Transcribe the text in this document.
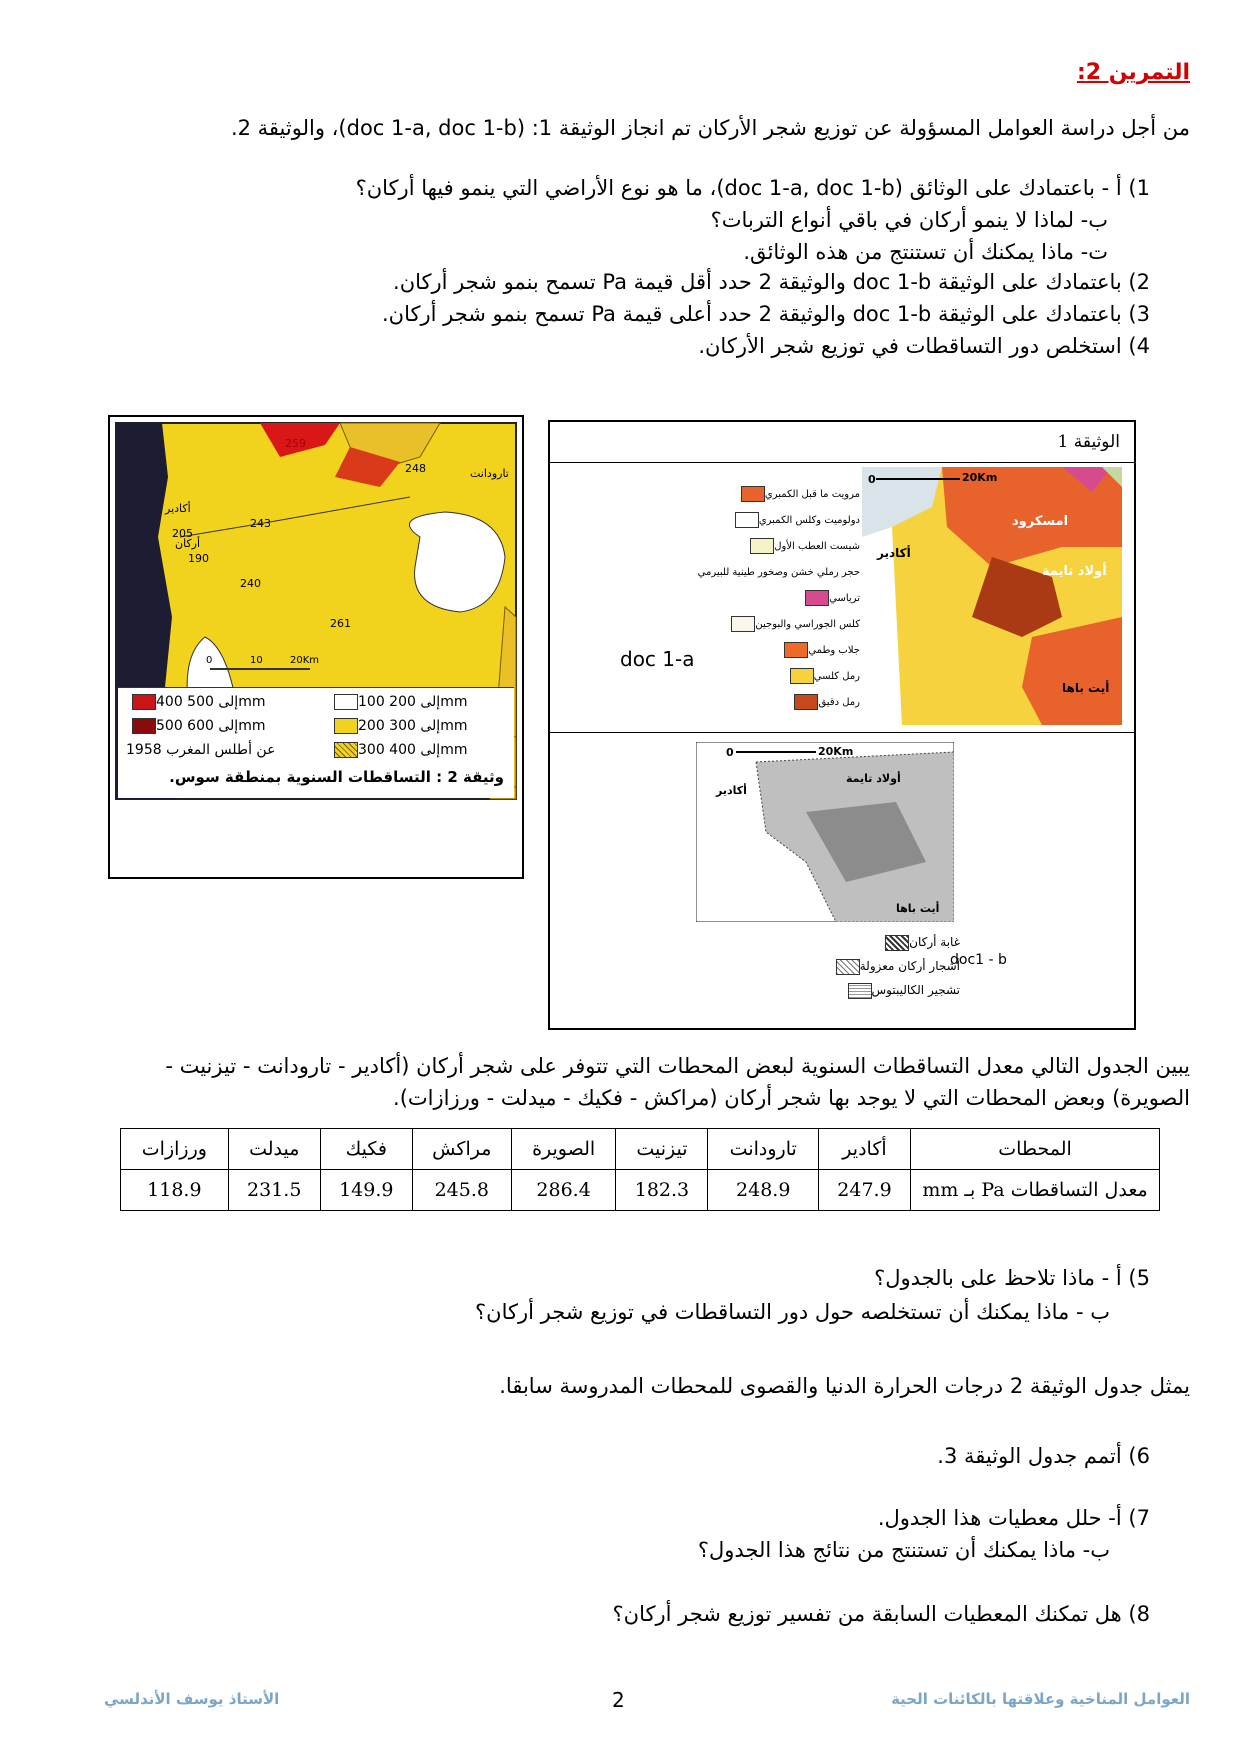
التمرين 2:
من أجل دراسة العوامل المسؤولة عن توزيع شجر الأركان تم انجاز الوثيقة 1: (doc 1-a, doc 1-b)، والوثيقة 2.
1) أ - باعتمادك على الوثائق (doc 1-a, doc 1-b)، ما هو نوع الأراضي التي ينمو فيها أركان؟
ب- لماذا لا ينمو أركان في باقي أنواع التربات؟
ت- ماذا يمكنك أن تستنتج من هذه الوثائق.
2) باعتمادك على الوثيقة doc 1-b والوثيقة 2 حدد أقل قيمة Pa تسمح بنمو شجر أركان.
3) باعتمادك على الوثيقة doc 1-b والوثيقة 2 حدد أعلى قيمة Pa تسمح بنمو شجر أركان.
4) استخلص دور التساقطات في توزيع شجر الأركان.
تارودانت
أكادير
أركان
259
248
243
205
190
240
261
0	10	20Km
400 إلى 500mm
500 إلى 600mm
عن أطلس المغرب 1958
100 إلى 200mm
200 إلى 300mm
300 إلى 400mm
وثيقة 2 : التساقطات السنوية بمنطقة سوس.
الوثيقة 1
مرويت ما قبل الكمبري
دولوميت وكلس الكمبري
شيست العطب الأول
حجر رملي خشن وصخور طينية للبيرمي ترياسي
كلس الجوراسي والبوجين
جلاب وطمي
رمل كلسي
رمل دقيق
doc 1-a
0	20Km
امسكرود
أولاد تايمة
أكادير
أيت باها
0	20Km
أولاد تايمة
أكادير
أيت باها
غابة أركان
أشجار أركان معزولة
تشجير الكاليبتوس
doc1 - b
يبين الجدول التالي معدل التساقطات السنوية لبعض المحطات التي تتوفر على شجر أركان (أكادير - تارودانت - تيزنيت -
الصويرة) وبعض المحطات التي لا يوجد بها شجر أركان (مراكش - فكيك - ميدلت - ورزازات).
المحطات	أكادير	تارودانت	تيزنيت	الصويرة	مراكش	فكيك	ميدلت	ورزازات
معدل التساقطات Pa بـ mm	247.9	248.9	182.3	286.4	245.8	149.9	231.5	118.9
5) أ - ماذا تلاحظ على بالجدول؟
ب - ماذا يمكنك أن تستخلصه حول دور التساقطات في توزيع شجر أركان؟
يمثل جدول الوثيقة 2 درجات الحرارة الدنيا والقصوى للمحطات المدروسة سابقا.
6) أتمم جدول الوثيقة 3.
7) أ- حلل معطيات هذا الجدول.
ب- ماذا يمكنك أن تستنتج من نتائج هذا الجدول؟
8) هل تمكنك المعطيات السابقة من تفسير توزيع شجر أركان؟
العوامل المناخية وعلاقتها بالكائنات الحية
2
الأستاذ يوسف الأندلسي
